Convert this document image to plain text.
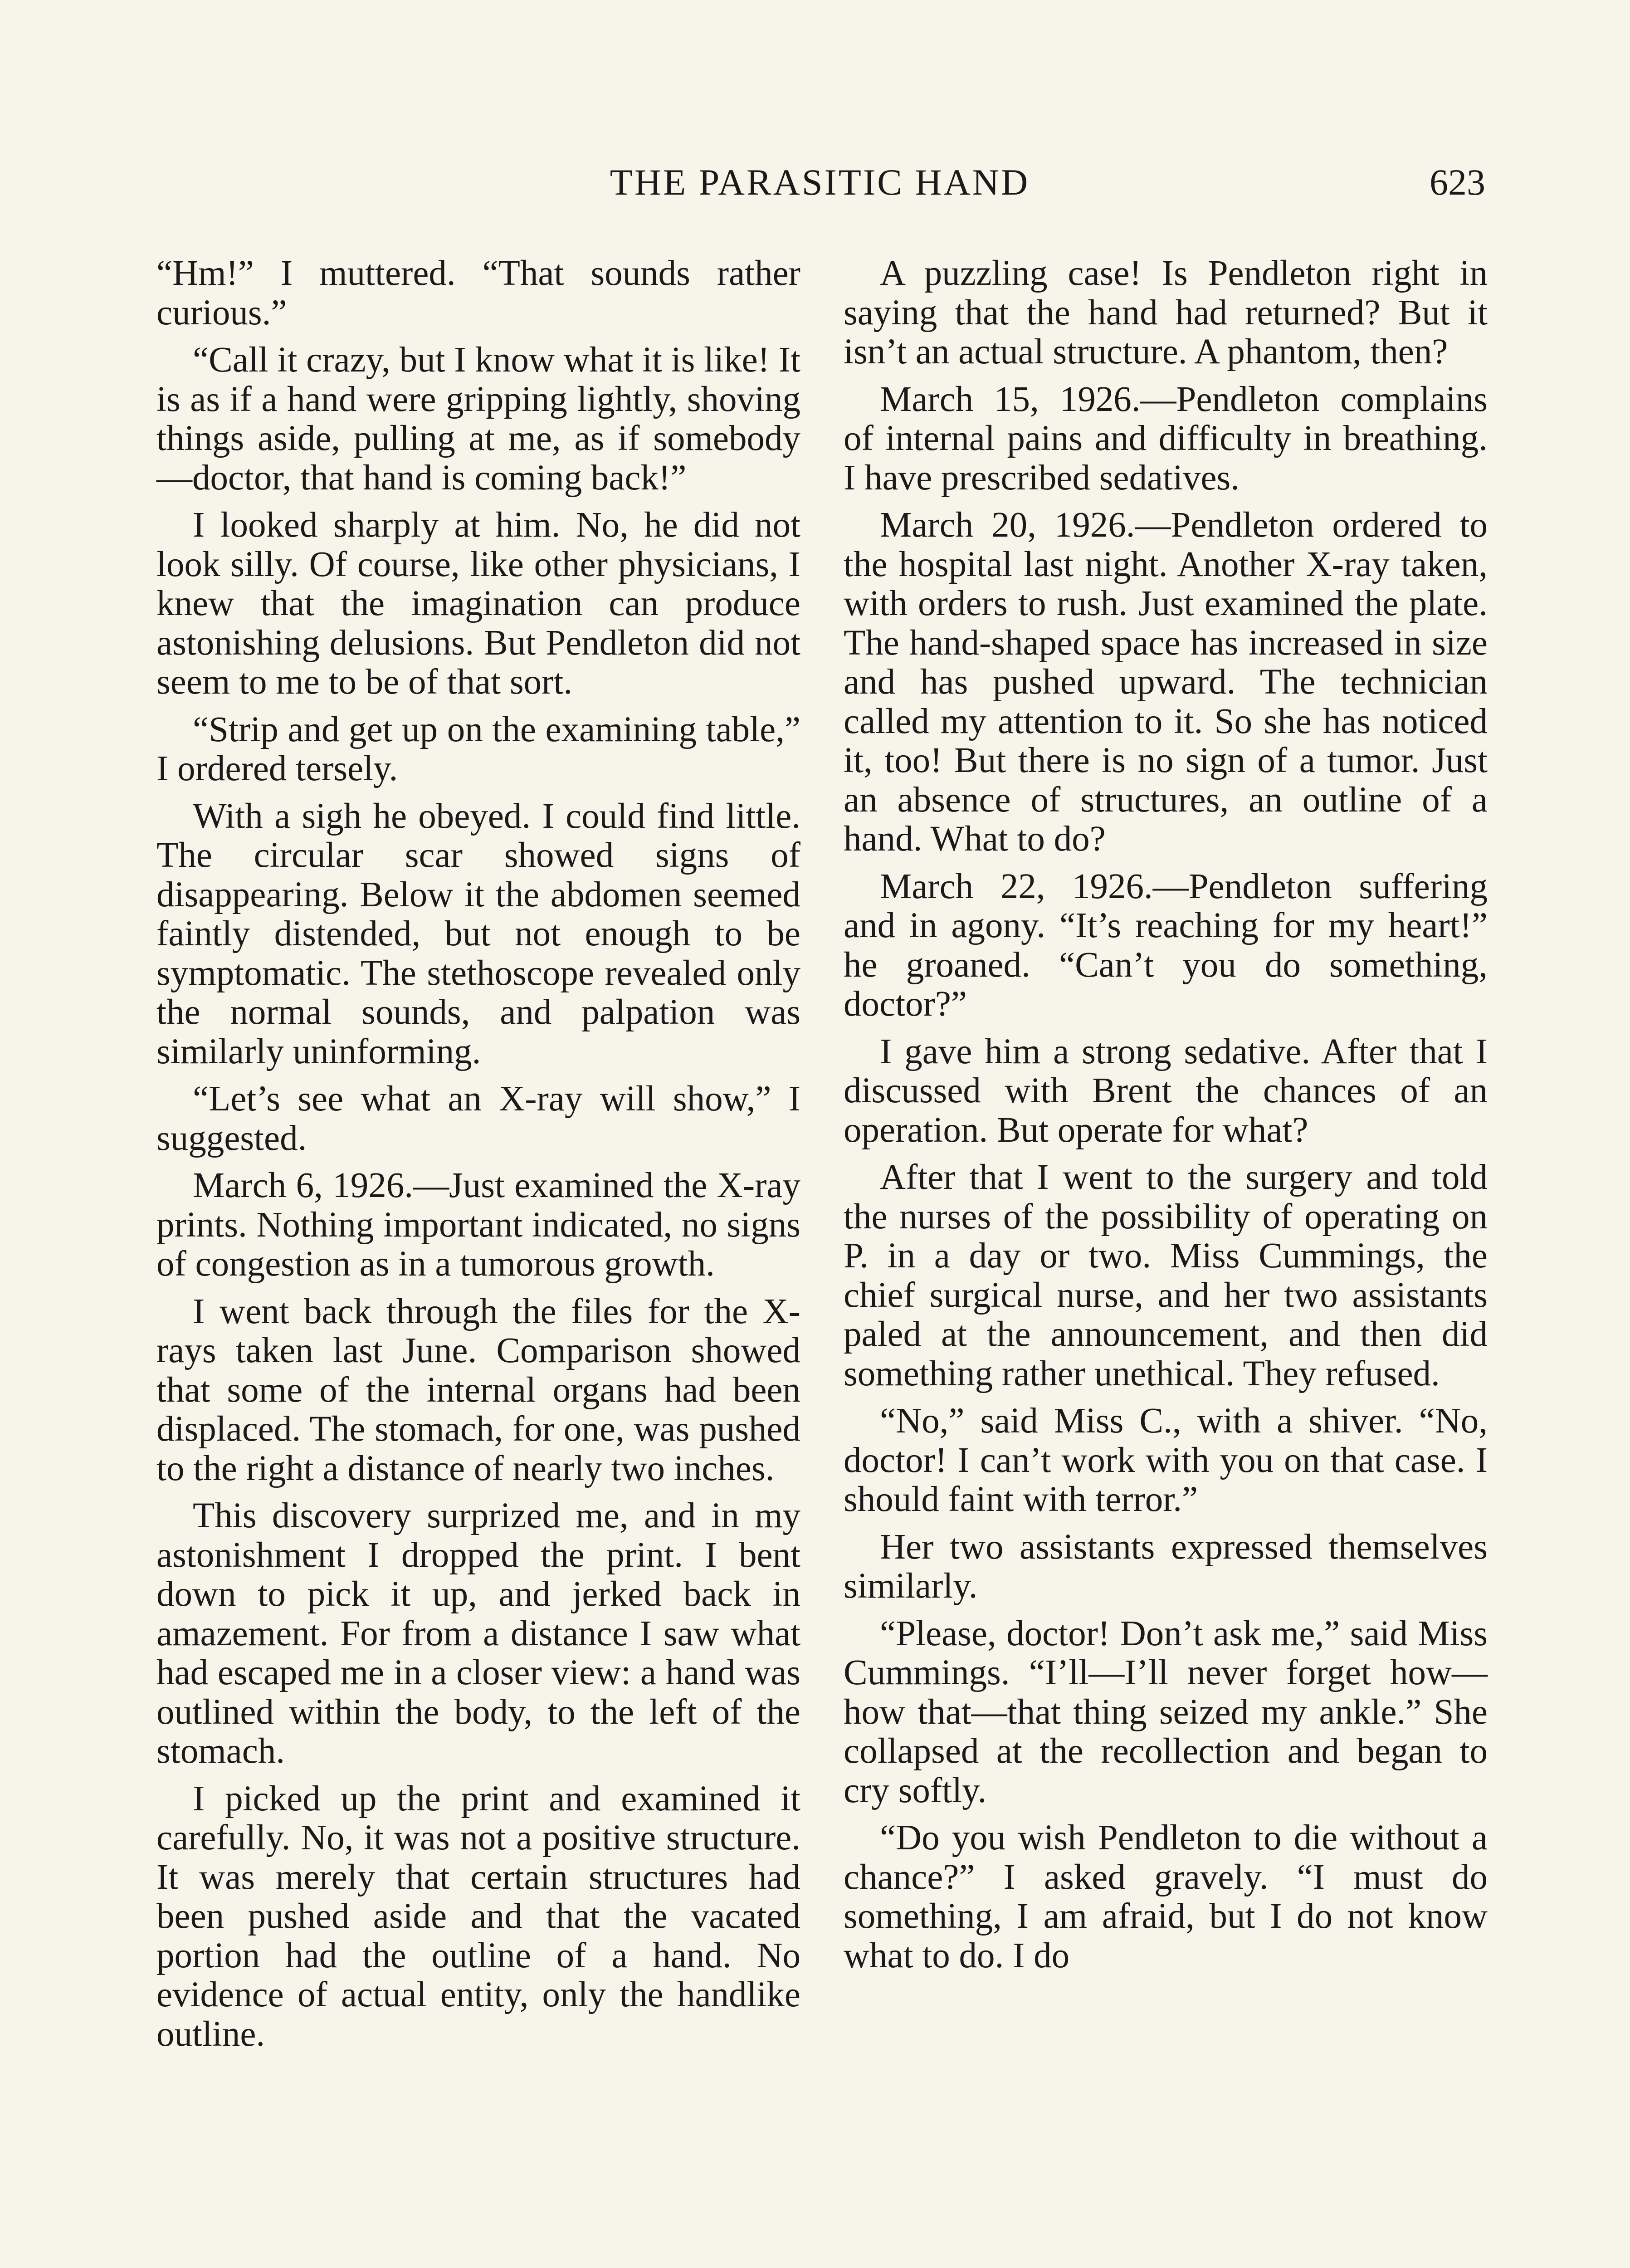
THE PARASITIC HAND	623

“Hm!” I muttered. “That sounds rather curious.”

“Call it crazy, but I know what it is like! It is as if a hand were gripping lightly, shoving things aside, pulling at me, as if somebody—doctor, that hand is coming back!”

I looked sharply at him. No, he did not look silly. Of course, like other physicians, I knew that the imagination can produce astonishing delusions. But Pendleton did not seem to me to be of that sort.

“Strip and get up on the examining table,” I ordered tersely.

With a sigh he obeyed. I could find little. The circular scar showed signs of disappearing. Below it the abdomen seemed faintly distended, but not enough to be symptomatic. The stethoscope revealed only the normal sounds, and palpation was similarly uninforming.

“Let’s see what an X-ray will show,” I suggested.

March 6, 1926.—Just examined the X-ray prints. Nothing important indicated, no signs of congestion as in a tumorous growth.

I went back through the files for the X-rays taken last June. Comparison showed that some of the internal organs had been displaced. The stomach, for one, was pushed to the right a distance of nearly two inches.

This discovery surprized me, and in my astonishment I dropped the print. I bent down to pick it up, and jerked back in amazement. For from a distance I saw what had escaped me in a closer view: a hand was outlined within the body, to the left of the stomach.

I picked up the print and examined it carefully. No, it was not a positive structure. It was merely that certain structures had been pushed aside and that the vacated portion had the outline of a hand. No evidence of actual entity, only the handlike outline.

A puzzling case! Is Pendleton right in saying that the hand had returned? But it isn’t an actual structure. A phantom, then?

March 15, 1926.—Pendleton complains of internal pains and difficulty in breathing. I have prescribed sedatives.

March 20, 1926.—Pendleton ordered to the hospital last night. Another X-ray taken, with orders to rush. Just examined the plate. The hand-shaped space has increased in size and has pushed upward. The technician called my attention to it. So she has noticed it, too! But there is no sign of a tumor. Just an absence of structures, an outline of a hand. What to do?

March 22, 1926.—Pendleton suffering and in agony. “It’s reaching for my heart!” he groaned. “Can’t you do something, doctor?”

I gave him a strong sedative. After that I discussed with Brent the chances of an operation. But operate for what?

After that I went to the surgery and told the nurses of the possibility of operating on P. in a day or two. Miss Cummings, the chief surgical nurse, and her two assistants paled at the announcement, and then did something rather unethical. They refused.

“No,” said Miss C., with a shiver. “No, doctor! I can’t work with you on that case. I should faint with terror.”

Her two assistants expressed themselves similarly.

“Please, doctor! Don’t ask me,” said Miss Cummings. “I’ll—I’ll never forget how—how that—that thing seized my ankle.” She collapsed at the recollection and began to cry softly.

“Do you wish Pendleton to die without a chance?” I asked gravely. “I must do something, I am afraid, but I do not know what to do. I do
